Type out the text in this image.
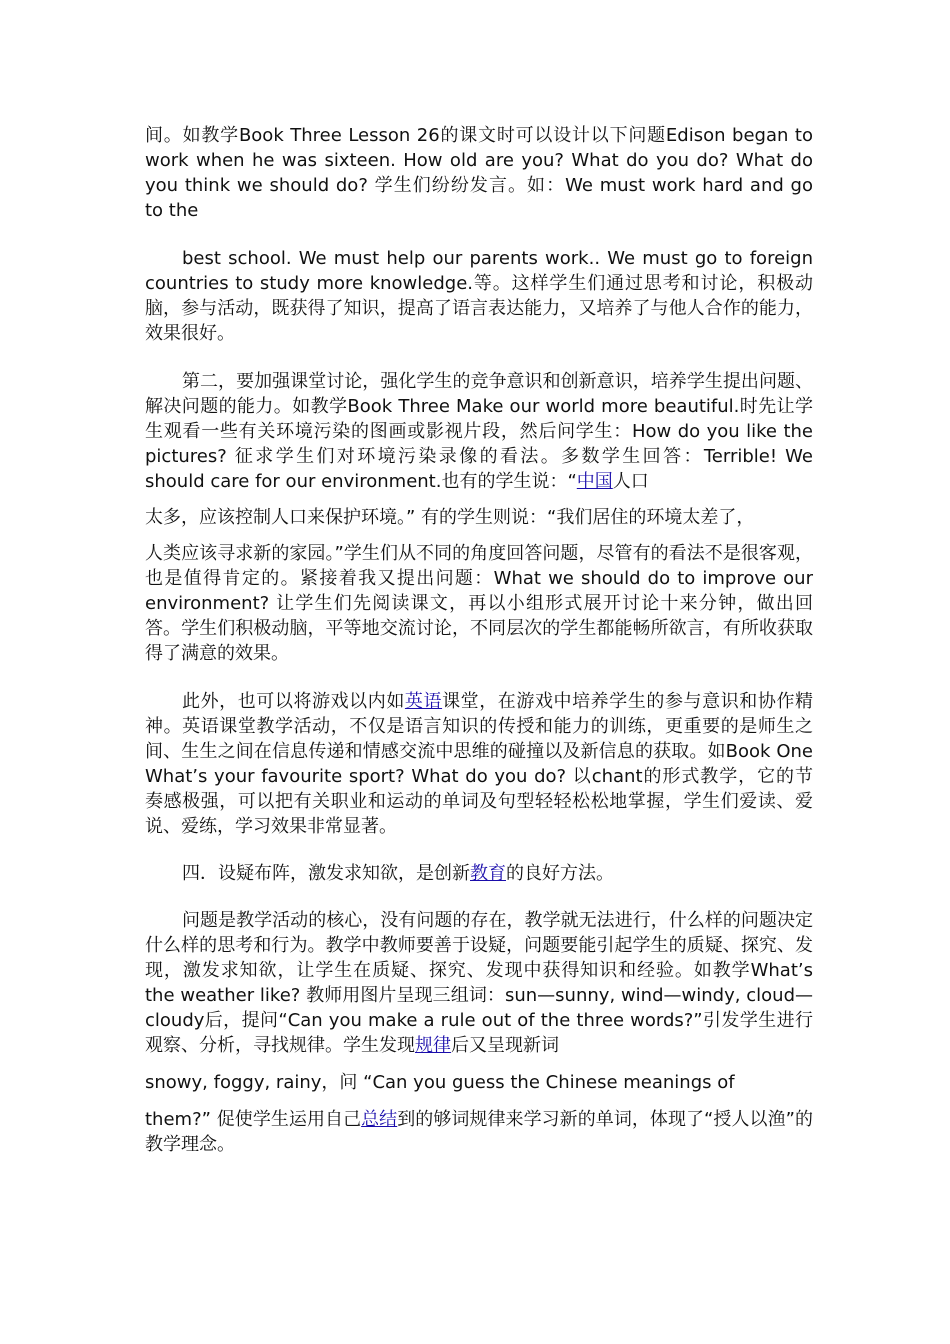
间。如教学Book Three Lesson 26的课文时可以设计以下问题Edison began to work when he was sixteen. How old are you? What do you do? What do you think we should do? 学生们纷纷发言。如：We must work hard and go to the

best school. We must help our parents work.. We must go to foreign countries to study more knowledge.等。这样学生们通过思考和讨论，积极动脑，参与活动，既获得了知识，提高了语言表达能力，又培养了与他人合作的能力，效果很好。

第二，要加强课堂讨论，强化学生的竞争意识和创新意识，培养学生提出问题、解决问题的能力。如教学Book Three Make our world more beautiful.时先让学生观看一些有关环境污染的图画或影视片段，然后问学生：How do you like the pictures? 征求学生们对环境污染录像的看法。多数学生回答：Terrible! We should care for our environment.也有的学生说：“中国人口

太多，应该控制人口来保护环境。” 有的学生则说：“我们居住的环境太差了，

人类应该寻求新的家园。”学生们从不同的角度回答问题，尽管有的看法不是很客观，也是值得肯定的。紧接着我又提出问题：What we should do to improve our environment? 让学生们先阅读课文，再以小组形式展开讨论十来分钟，做出回答。学生们积极动脑，平等地交流讨论，不同层次的学生都能畅所欲言，有所收获取得了满意的效果。

此外，也可以将游戏以内如英语课堂，在游戏中培养学生的参与意识和协作精神。英语课堂教学活动，不仅是语言知识的传授和能力的训练，更重要的是师生之间、生生之间在信息传递和情感交流中思维的碰撞以及新信息的获取。如Book One What’s your favourite sport? What do you do? 以chant的形式教学，它的节奏感极强，可以把有关职业和运动的单词及句型轻轻松松地掌握，学生们爱读、爱说、爱练，学习效果非常显著。

四．设疑布阵，激发求知欲，是创新教育的良好方法。

问题是教学活动的核心，没有问题的存在，教学就无法进行，什么样的问题决定什么样的思考和行为。教学中教师要善于设疑，问题要能引起学生的质疑、探究、发现，激发求知欲，让学生在质疑、探究、发现中获得知识和经验。如教学What’s the weather like? 教师用图片呈现三组词：sun—sunny, wind—windy, cloud—cloudy后，提问“Can you make a rule out of the three words?”引发学生进行观察、分析，寻找规律。学生发现规律后又呈现新词

snowy, foggy, rainy，问 “Can you guess the Chinese meanings of

them?” 促使学生运用自己总结到的够词规律来学习新的单词，体现了“授人以渔”的教学理念。
